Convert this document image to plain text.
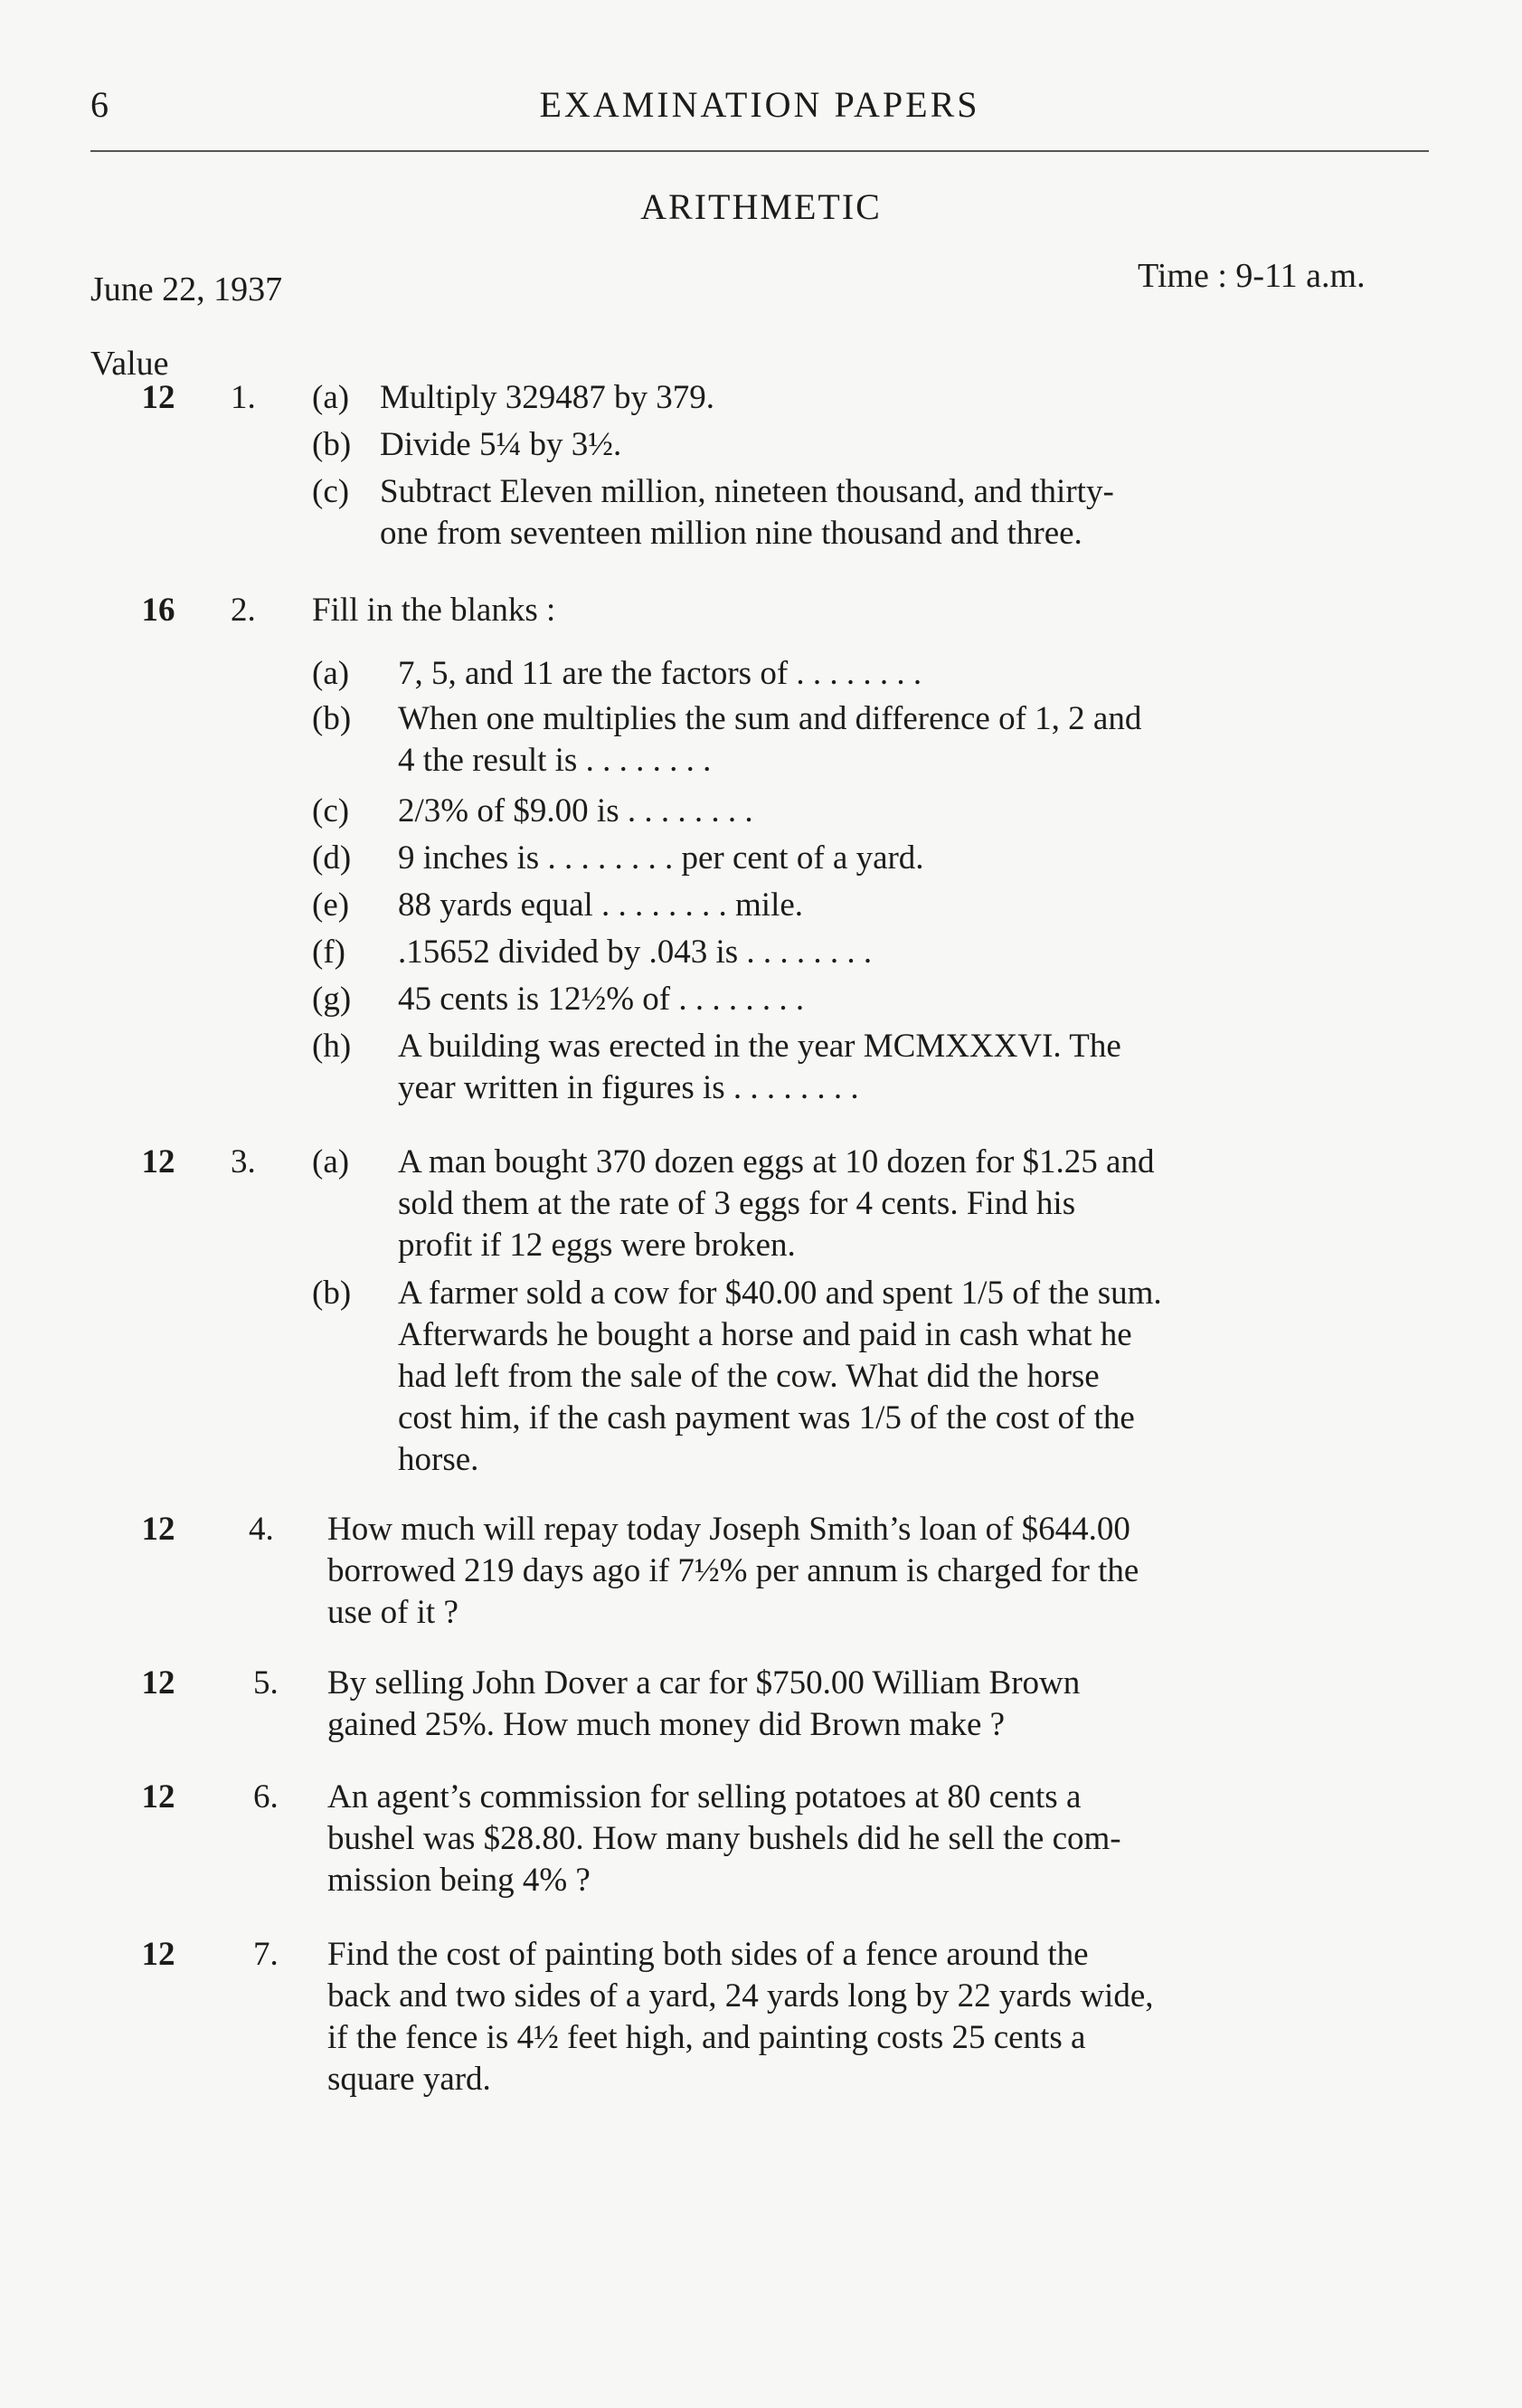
6	EXAMINATION PAPERS
ARITHMETIC
June 22, 1937	Time : 9-11 a.m.
Value
12	1. (a) Multiply 329487 by 379.
(b) Divide 5¼ by 3½.
(c) Subtract Eleven million, nineteen thousand, and thirty-
one from seventeen million nine thousand and three.
16	2. Fill in the blanks :
(a) 7, 5, and 11 are the factors of . . . . . . . .
(b) When one multiplies the sum and difference of 1, 2 and
4 the result is . . . . . . . .
(c) 2/3% of $9.00 is . . . . . . . .
(d) 9 inches is . . . . . . . . per cent of a yard.
(e) 88 yards equal . . . . . . . . mile.
(f) .15652 divided by .043 is . . . . . . . .
(g) 45 cents is 12½% of . . . . . . . .
(h) A building was erected in the year MCMXXXVI. The
year written in figures is . . . . . . . .
12	3. (a) A man bought 370 dozen eggs at 10 dozen for $1.25 and
sold them at the rate of 3 eggs for 4 cents. Find his
profit if 12 eggs were broken.
(b) A farmer sold a cow for $40.00 and spent 1/5 of the sum.
Afterwards he bought a horse and paid in cash what he
had left from the sale of the cow. What did the horse
cost him, if the cash payment was 1/5 of the cost of the
horse.
12	4. How much will repay today Joseph Smith’s loan of $644.00
borrowed 219 days ago if 7½% per annum is charged for the
use of it ?
12	5. By selling John Dover a car for $750.00 William Brown
gained 25%. How much money did Brown make ?
12	6. An agent’s commission for selling potatoes at 80 cents a
bushel was $28.80. How many bushels did he sell the com-
mission being 4% ?
12	7. Find the cost of painting both sides of a fence around the
back and two sides of a yard, 24 yards long by 22 yards wide,
if the fence is 4½ feet high, and painting costs 25 cents a
square yard.
